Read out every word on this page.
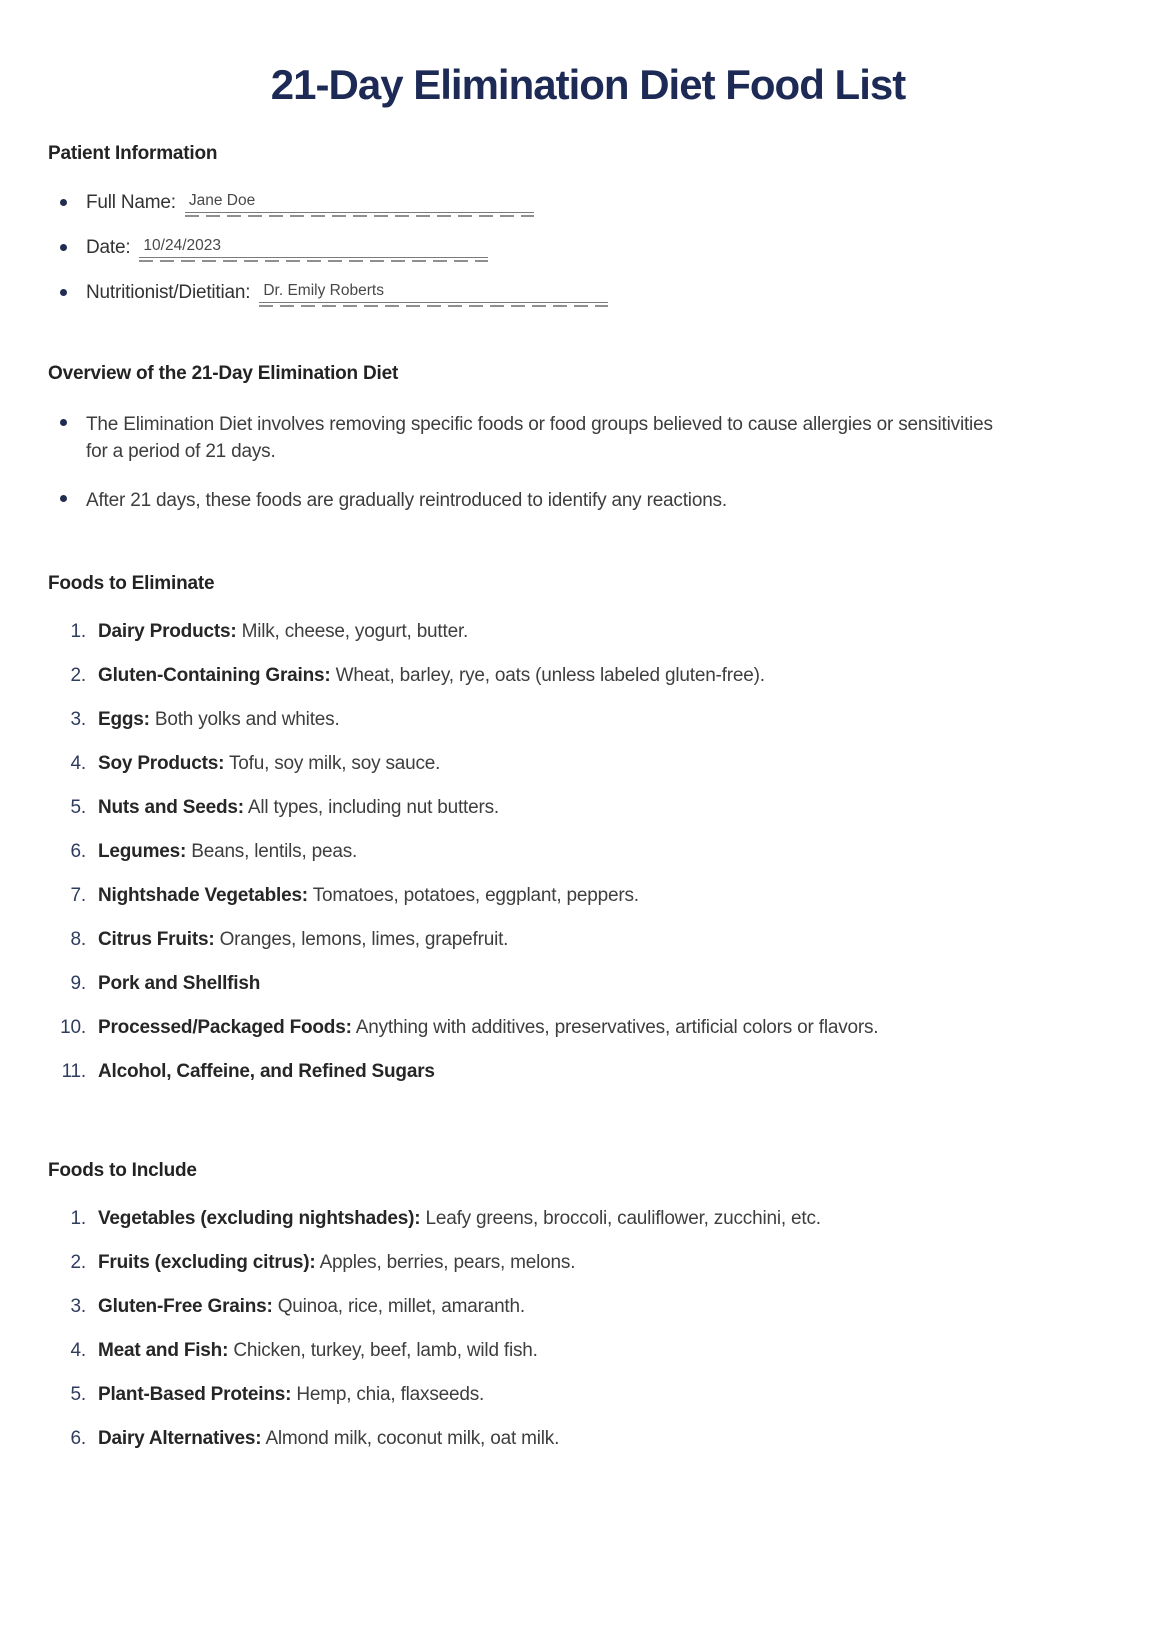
21-Day Elimination Diet Food List
Patient Information
Full Name: Jane Doe
Date: 10/24/2023
Nutritionist/Dietitian: Dr. Emily Roberts
Overview of the 21-Day Elimination Diet
The Elimination Diet involves removing specific foods or food groups believed to cause allergies or sensitivities for a period of 21 days.
After 21 days, these foods are gradually reintroduced to identify any reactions.
Foods to Eliminate
1. Dairy Products: Milk, cheese, yogurt, butter.
2. Gluten-Containing Grains: Wheat, barley, rye, oats (unless labeled gluten-free).
3. Eggs: Both yolks and whites.
4. Soy Products: Tofu, soy milk, soy sauce.
5. Nuts and Seeds: All types, including nut butters.
6. Legumes: Beans, lentils, peas.
7. Nightshade Vegetables: Tomatoes, potatoes, eggplant, peppers.
8. Citrus Fruits: Oranges, lemons, limes, grapefruit.
9. Pork and Shellfish
10. Processed/Packaged Foods: Anything with additives, preservatives, artificial colors or flavors.
11. Alcohol, Caffeine, and Refined Sugars
Foods to Include
1. Vegetables (excluding nightshades): Leafy greens, broccoli, cauliflower, zucchini, etc.
2. Fruits (excluding citrus): Apples, berries, pears, melons.
3. Gluten-Free Grains: Quinoa, rice, millet, amaranth.
4. Meat and Fish: Chicken, turkey, beef, lamb, wild fish.
5. Plant-Based Proteins: Hemp, chia, flaxseeds.
6. Dairy Alternatives: Almond milk, coconut milk, oat milk.
